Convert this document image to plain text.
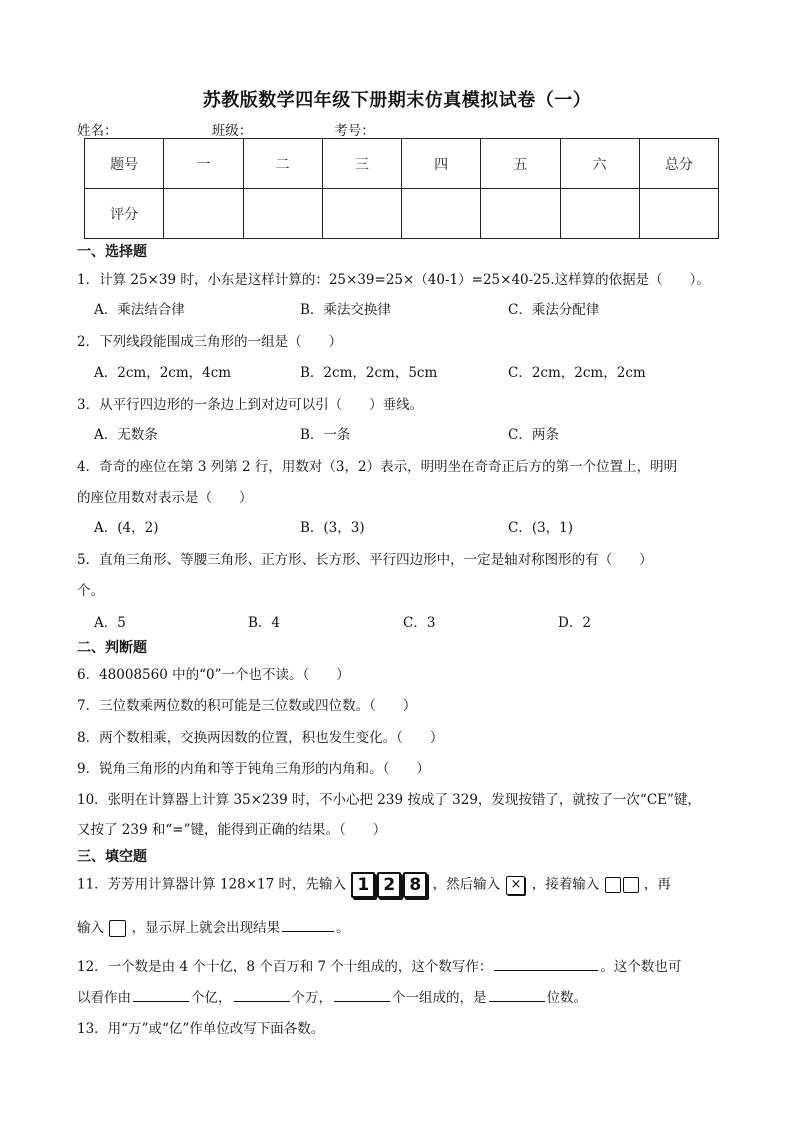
苏教版数学四年级下册期末仿真模拟试卷（一）
姓名：	班级：	考号：
题号	一	二	三	四	五	六	总分
评分							
一、选择题
1．计算 25×39 时，小东是这样计算的：25×39=25×（40-1）=25×40-25.这样算的依据是（　　）。
A．乘法结合律	B．乘法交换律	C．乘法分配律
2．下列线段能围成三角形的一组是（　　）
A．2cm，2cm，4cm	B．2cm，2cm，5cm	C．2cm，2cm，2cm
3．从平行四边形的一条边上到对边可以引（　　）垂线。
A．无数条	B．一条	C．两条
4．奇奇的座位在第 3 列第 2 行，用数对（3，2）表示，明明坐在奇奇正后方的第一个位置上，明明
的座位用数对表示是（　　）
A．(4，2)	B．(3，3)	C．(3，1)
5．直角三角形、等腰三角形、正方形、长方形、平行四边形中，一定是轴对称图形的有（　　）
个。
A．5	B．4	C．3	D．2
二、判断题
6．48008560 中的“0”一个也不读。（　　）
7．三位数乘两位数的积可能是三位数或四位数。（　　）
8．两个数相乘，交换两因数的位置，积也发生变化。（　　）
9．锐角三角形的内角和等于钝角三角形的内角和。（　　）
10．张明在计算器上计算 35×239 时，不小心把 239 按成了 329，发现按错了，就按了一次“CE”键，
又按了 239 和“=”键，能得到正确的结果。（　　）
三、填空题
11．芳芳用计算器计算 128×17 时，先输入 1 2 8 ，然后输入 × ，接着输入	，再
输入 ，显示屏上就会出现结果	。
12．一个数是由 4 个十亿，8 个百万和 7 个十组成的，这个数写作：	。这个数也可
以看作由	个亿，	个万，	个一组成的，是	位数。
13．用“万”或“亿”作单位改写下面各数。
